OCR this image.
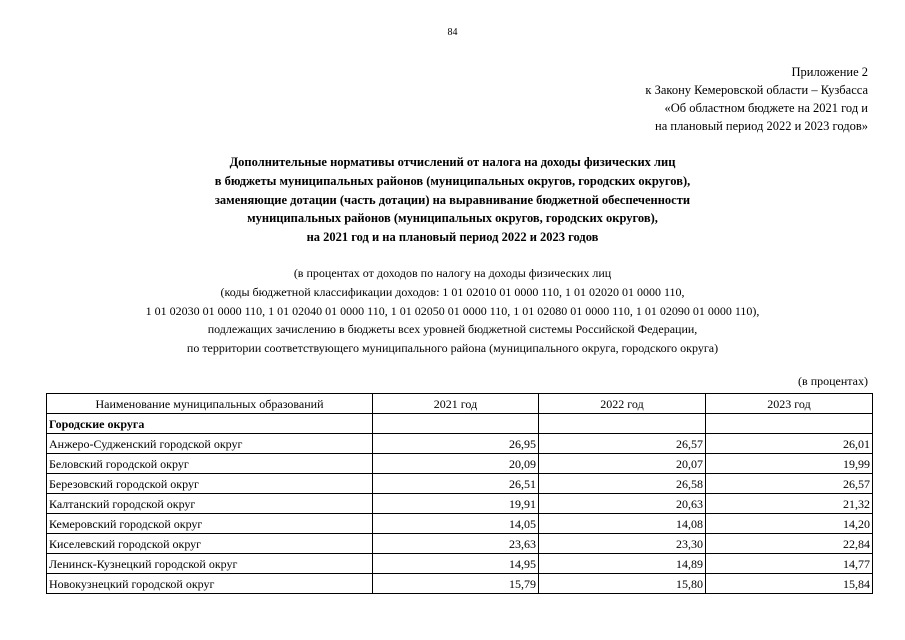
84
Приложение 2
к Закону Кемеровской области – Кузбасса
«Об областном бюджете на 2021 год и
на плановый период 2022 и 2023 годов»
Дополнительные нормативы отчислений от налога на доходы физических лиц
в бюджеты муниципальных районов (муниципальных округов, городских округов),
заменяющие дотации (часть дотации) на выравнивание бюджетной обеспеченности
муниципальных районов (муниципальных округов, городских округов),
на 2021 год и на плановый период 2022 и 2023 годов
(в процентах от доходов по налогу на доходы физических лиц
(коды бюджетной классификации доходов: 1 01 02010 01 0000 110, 1 01 02020 01 0000 110,
1 01 02030 01 0000 110, 1 01 02040 01 0000 110, 1 01 02050 01 0000 110, 1 01 02080 01 0000 110, 1 01 02090 01 0000 110),
подлежащих зачислению в бюджеты всех уровней бюджетной системы Российской Федерации,
по территории соответствующего муниципального района (муниципального округа, городского округа)
(в процентах)
Наименование муниципальных образований	2021 год	2022 год	2023 год
Городские округа			
Анжеро-Судженский городской округ	26,95	26,57	26,01
Беловский городской округ	20,09	20,07	19,99
Березовский городской округ	26,51	26,58	26,57
Калтанский городской округ	19,91	20,63	21,32
Кемеровский городской округ	14,05	14,08	14,20
Киселевский городской округ	23,63	23,30	22,84
Ленинск-Кузнецкий городской округ	14,95	14,89	14,77
Новокузнецкий городской округ	15,79	15,80	15,84
